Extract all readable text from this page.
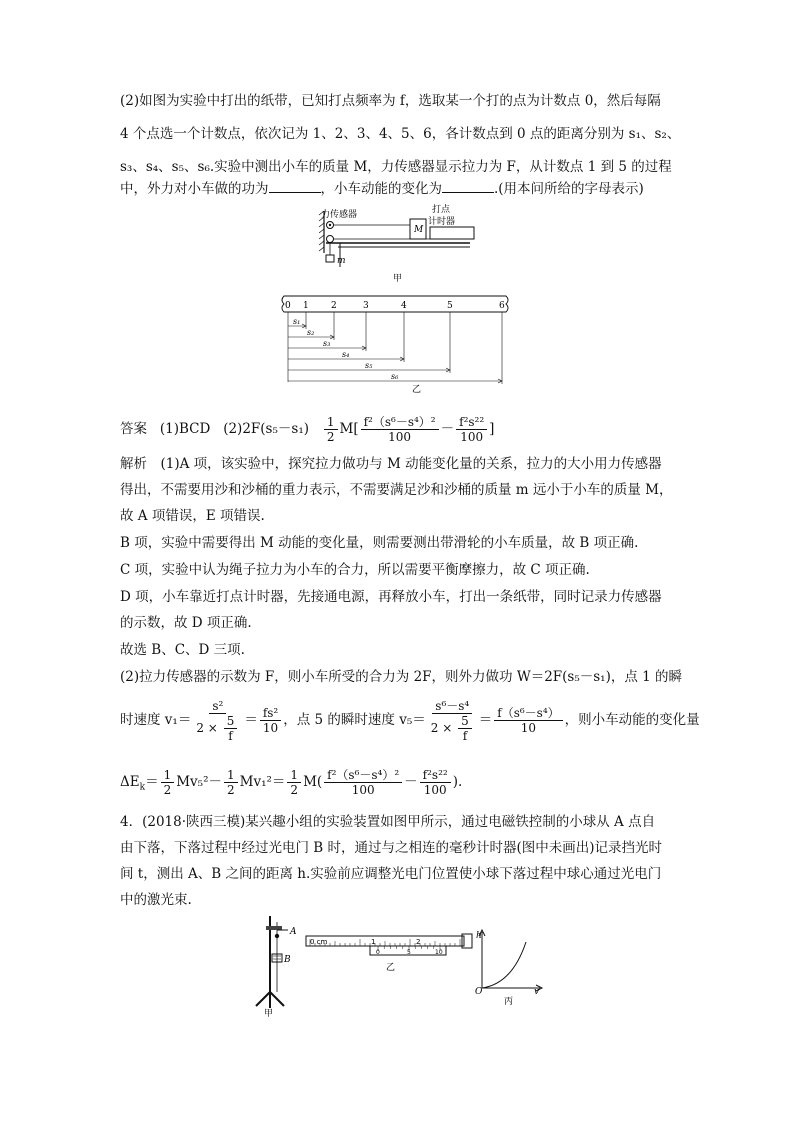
(2)如图为实验中打出的纸带，已知打点频率为 f，选取某一个打的点为计数点 0，然后每隔
4 个点选一个计数点，依次记为 1、2、3、4、5、6，各计数点到 0 点的距离分别为 s₁、s₂、
s₃、s₄、s₅、s₆.实验中测出小车的质量 M，力传感器显示拉力为 F，从计数点 1 到 5 的过程
中，外力对小车做的功为	，小车动能的变化为	.(用本问所给的字母表示)
力传感器	打点
计时器
M
m
甲
0 1 2	3	4	5	6
s₁
s₂
s₃
s₄
s₅
s₆
乙
答案 (1)BCD $(2)2F(s_5-s_1) \frac{1}{2} M[ \frac{\text{f²（s⁶－s⁴）²}}{100} - \frac{\text{f²s²²}}{100}$ ]
解析　(1)A 项，该实验中，探究拉力做功与 M 动能变化量的关系，拉力的大小用力传感器
得出，不需要用沙和沙桶的重力表示，不需要满足沙和沙桶的质量 m 远小于小车的质量 M，
故 A 项错误，E 项错误.
B 项，实验中需要得出 M 动能的变化量，则需要测出带滑轮的小车质量，故 B 项正确.
C 项，实验中认为绳子拉力为小车的合力，所以需要平衡摩擦力，故 C 项正确.
D 项，小车靠近打点计时器，先接通电源，再释放小车，打出一条纸带，同时记录力传感器
的示数，故 D 项正确.
故选 B、C、D 三项.
(2)拉力传感器的示数为 F，则小车所受的合力为 2F，则外力做功 W＝2F(s₅－s₁)，点 1 的瞬
时速度 $v_1= \frac{\text{s²}}{2 \times \frac{5}{f}} = \frac{\text{fs²}}{10}$ ，点 5 的瞬时速度 $v_5= \frac{\text{s⁶－s⁴}}{2 \times \frac{5}{f}} = \frac{\text{f（s⁶－s⁴）}}{10}$ ，则小车动能的变化量
$\Delta E_k= \frac{1}{2} Mv_5^2- \frac{1}{2} Mv_1^2= \frac{1}{2} M( \frac{\text{f²（s⁶－s⁴）²}}{100} - \frac{\text{f²s²²}}{100}$ ).
4．(2018·陕西三模)某兴趣小组的实验装置如图甲所示，通过电磁铁控制的小球从 A 点自
由下落，下落过程中经过光电门 B 时，通过与之相连的毫秒计时器(图中未画出)记录挡光时
间 t，测出 A、B 之间的距离 h.实验前应调整光电门位置使小球下落过程中球心通过光电门
中的激光束.
A
B
甲
0 cm	1	2
0	5	10
乙
h
O	v
丙
